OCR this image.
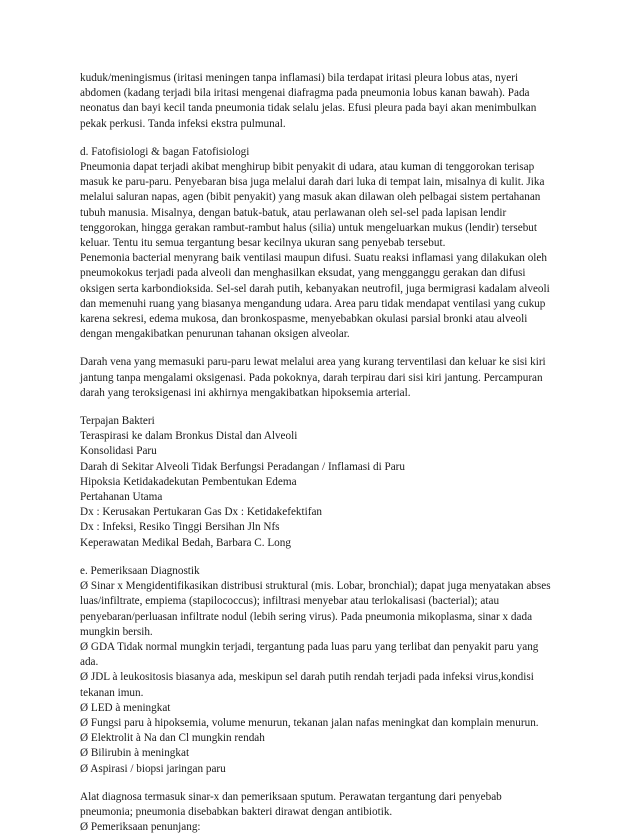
kuduk/meningismus (iritasi meningen tanpa inflamasi) bila terdapat iritasi pleura lobus atas, nyeri
abdomen (kadang terjadi bila iritasi mengenai diafragma pada pneumonia lobus kanan bawah). Pada
neonatus dan bayi kecil tanda pneumonia tidak selalu jelas. Efusi pleura pada bayi akan menimbulkan
pekak perkusi. Tanda infeksi ekstra pulmunal.
d. Fatofisiologi & bagan Fatofisiologi
Pneumonia dapat terjadi akibat menghirup bibit penyakit di udara, atau kuman di tenggorokan terisap
masuk ke paru-paru. Penyebaran bisa juga melalui darah dari luka di tempat lain, misalnya di kulit. Jika
melalui saluran napas, agen (bibit penyakit) yang masuk akan dilawan oleh pelbagai sistem pertahanan
tubuh manusia. Misalnya, dengan batuk-batuk, atau perlawanan oleh sel-sel pada lapisan lendir
tenggorokan, hingga gerakan rambut-rambut halus (silia) untuk mengeluarkan mukus (lendir) tersebut
keluar. Tentu itu semua tergantung besar kecilnya ukuran sang penyebab tersebut.
Penemonia bacterial menyrang baik ventilasi maupun difusi. Suatu reaksi inflamasi yang dilakukan oleh
pneumokokus terjadi pada alveoli dan menghasilkan eksudat, yang mengganggu gerakan dan difusi
oksigen serta karbondioksida. Sel-sel darah putih, kebanyakan neutrofil, juga bermigrasi kadalam alveoli
dan memenuhi ruang yang biasanya mengandung udara. Area paru tidak mendapat ventilasi yang cukup
karena sekresi, edema mukosa, dan bronkospasme, menyebabkan okulasi parsial bronki atau alveoli
dengan mengakibatkan penurunan tahanan oksigen alveolar.
Darah vena yang memasuki paru-paru lewat melalui area yang kurang terventilasi dan keluar ke sisi kiri
jantung tanpa mengalami oksigenasi. Pada pokoknya, darah terpirau dari sisi kiri jantung. Percampuran
darah yang teroksigenasi ini akhirnya mengakibatkan hipoksemia arterial.
Terpajan Bakteri
Teraspirasi ke dalam Bronkus Distal dan Alveoli
Konsolidasi Paru
Darah di Sekitar Alveoli Tidak Berfungsi Peradangan / Inflamasi di Paru
Hipoksia Ketidakadekutan Pembentukan Edema
Pertahanan Utama
Dx : Kerusakan Pertukaran Gas Dx : Ketidakefektifan
Dx : Infeksi, Resiko Tinggi Bersihan Jln Nfs
Keperawatan Medikal Bedah, Barbara C. Long
e. Pemeriksaan Diagnostik
Ø Sinar x Mengidentifikasikan distribusi struktural (mis. Lobar, bronchial); dapat juga menyatakan abses
luas/infiltrate, empiema (stapilococcus); infiltrasi menyebar atau terlokalisasi (bacterial); atau
penyebaran/perluasan infiltrate nodul (lebih sering virus). Pada pneumonia mikoplasma, sinar x dada
mungkin bersih.
Ø GDA Tidak normal mungkin terjadi, tergantung pada luas paru yang terlibat dan penyakit paru yang
ada.
Ø JDL à leukositosis biasanya ada, meskipun sel darah putih rendah terjadi pada infeksi virus,kondisi
tekanan imun.
Ø LED à meningkat
Ø Fungsi paru à hipoksemia, volume menurun, tekanan jalan nafas meningkat dan komplain menurun.
Ø Elektrolit à Na dan Cl mungkin rendah
Ø Bilirubin à meningkat
Ø Aspirasi / biopsi jaringan paru
Alat diagnosa termasuk sinar-x dan pemeriksaan sputum. Perawatan tergantung dari penyebab
pneumonia; pneumonia disebabkan bakteri dirawat dengan antibiotik.
Ø Pemeriksaan penunjang:
